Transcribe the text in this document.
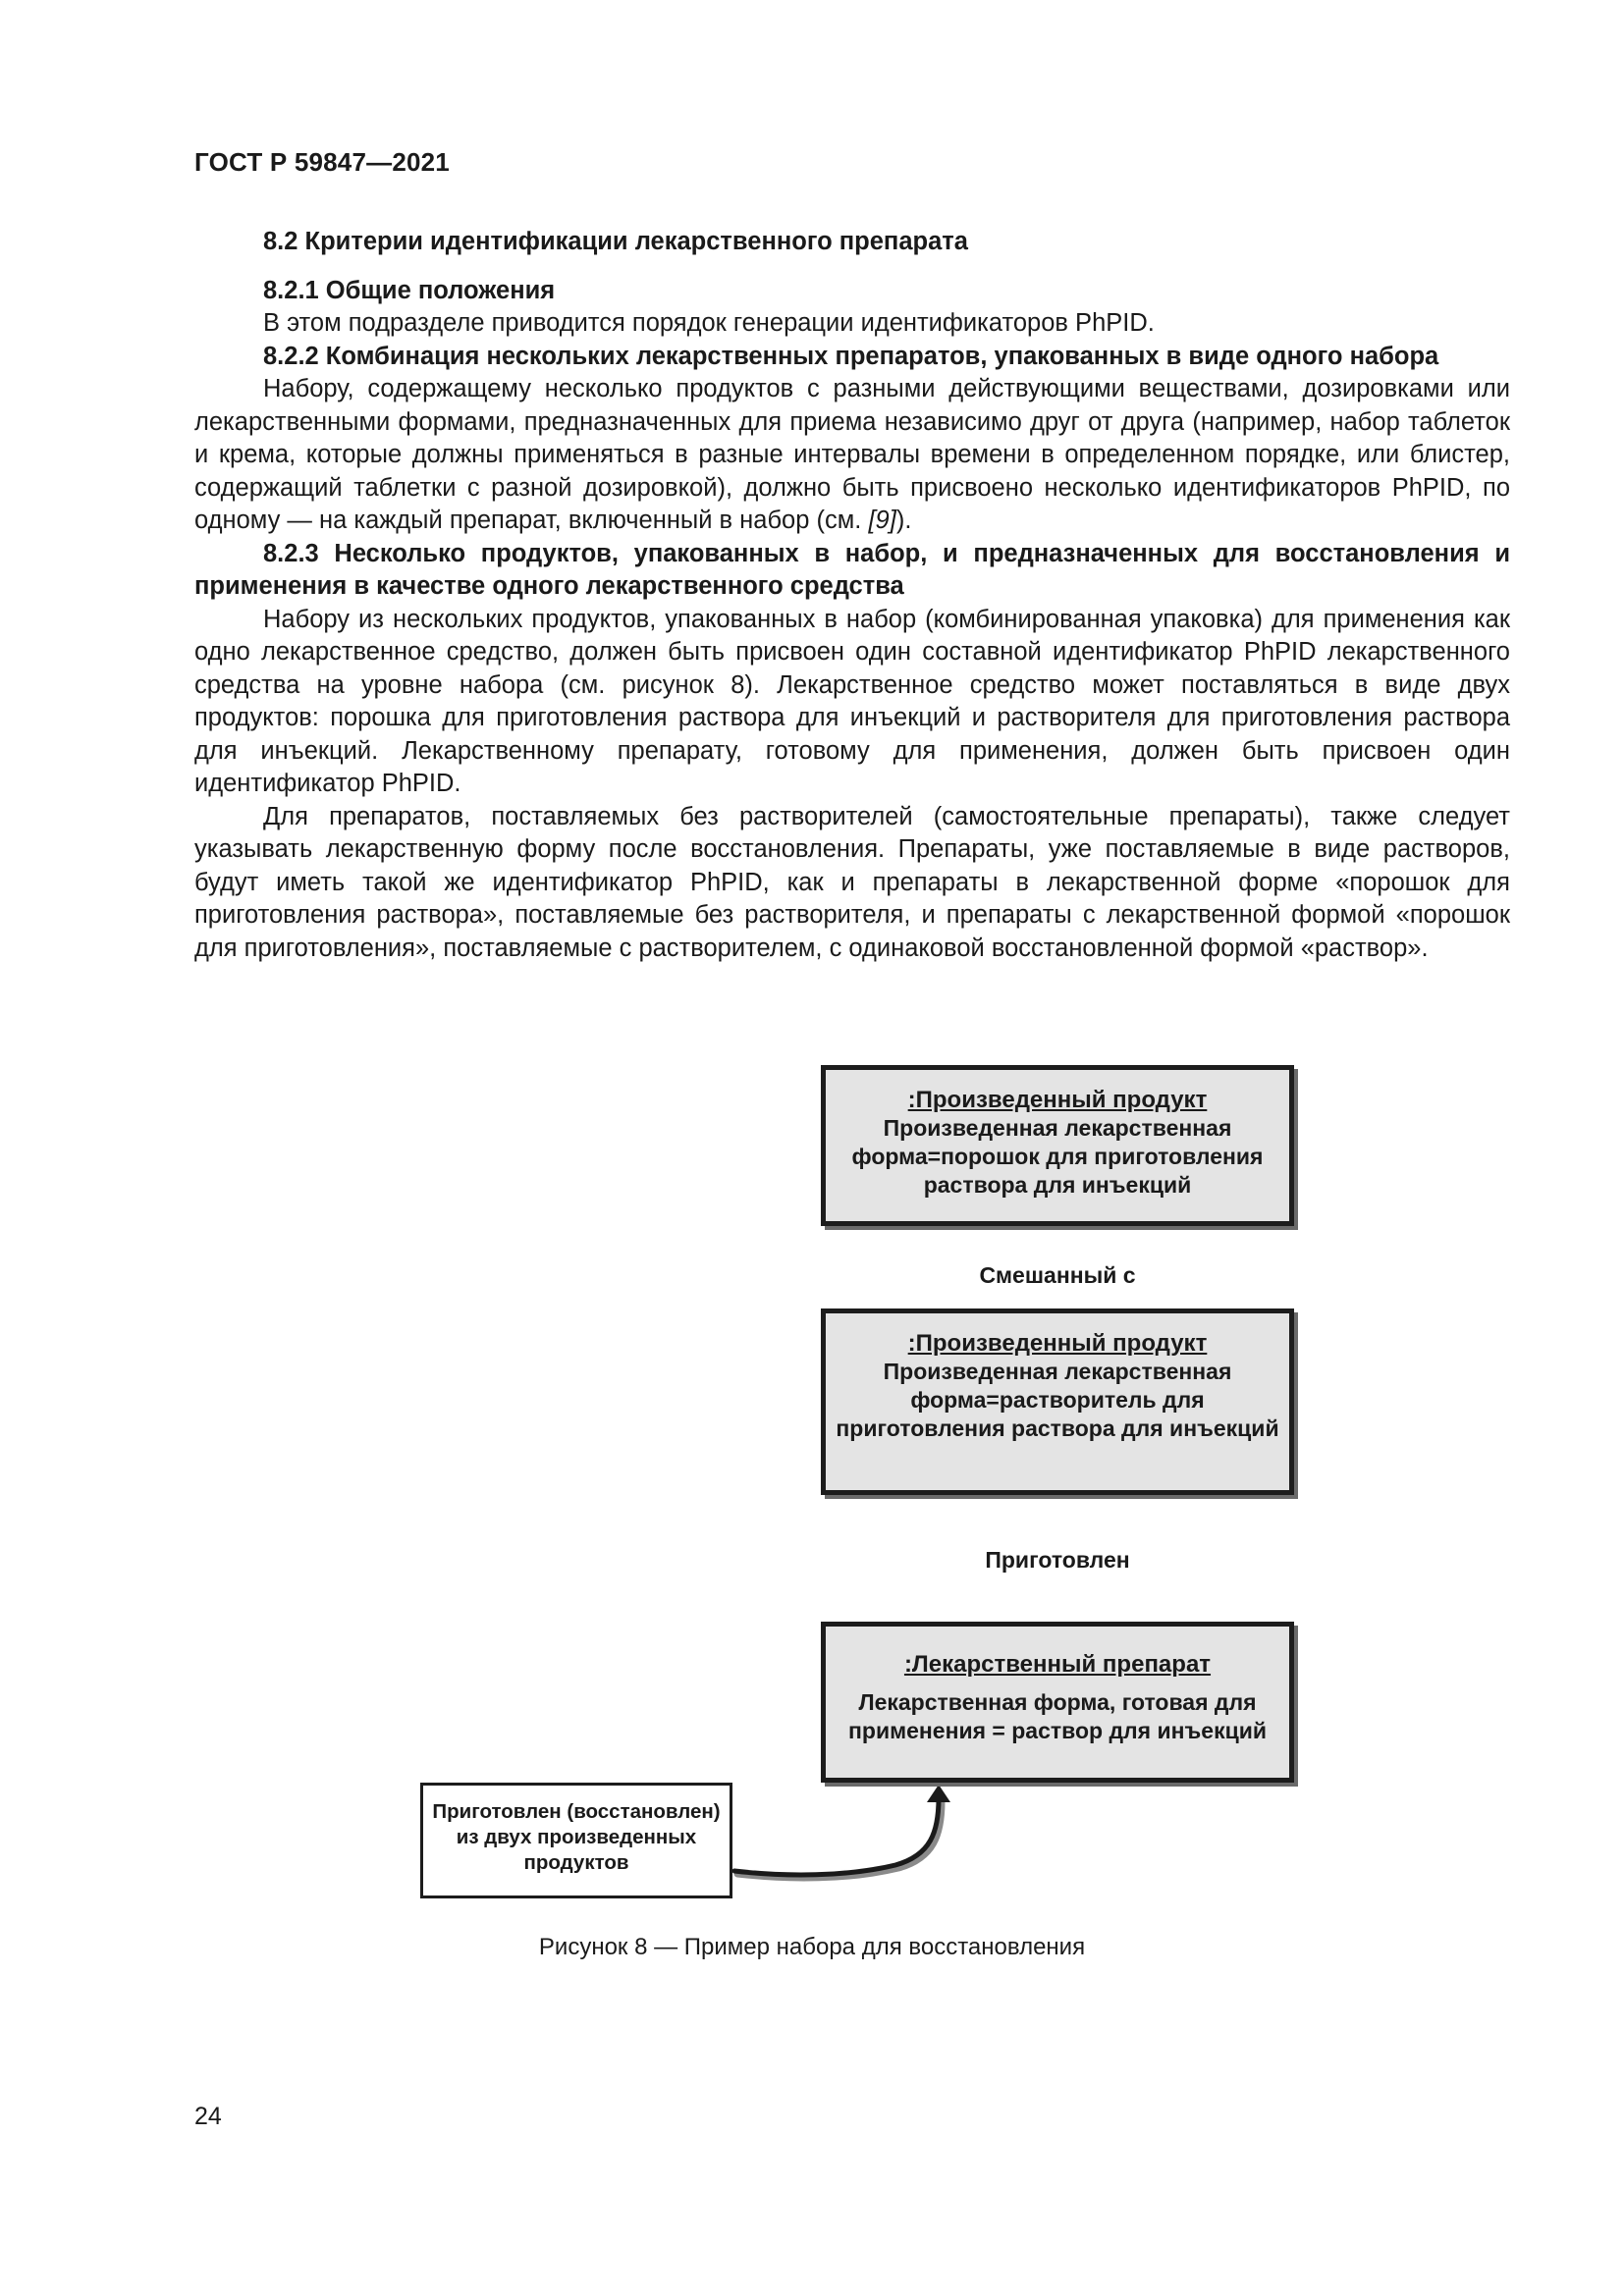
ГОСТ Р 59847—2021

8.2 Критерии идентификации лекарственного препарата

8.2.1 Общие положения

В этом подразделе приводится порядок генерации идентификаторов PhPID.

8.2.2 Комбинация нескольких лекарственных препаратов, упакованных в виде одного набора

Набору, содержащему несколько продуктов с разными действующими веществами, дозировками или лекарственными формами, предназначенных для приема независимо друг от друга (например, набор таблеток и крема, которые должны применяться в разные интервалы времени в определенном порядке, или блистер, содержащий таблетки с разной дозировкой), должно быть присвоено несколько идентификаторов PhPID, по одному — на каждый препарат, включенный в набор (см. [9]).

8.2.3 Несколько продуктов, упакованных в набор, и предназначенных для восстановления и применения в качестве одного лекарственного средства

Набору из нескольких продуктов, упакованных в набор (комбинированная упаковка) для применения как одно лекарственное средство, должен быть присвоен один составной идентификатор PhPID лекарственного средства на уровне набора (см. рисунок 8). Лекарственное средство может поставляться в виде двух продуктов: порошка для приготовления раствора для инъекций и растворителя для приготовления раствора для инъекций. Лекарственному препарату, готовому для применения, должен быть присвоен один идентификатор PhPID.

Для препаратов, поставляемых без растворителей (самостоятельные препараты), также следует указывать лекарственную форму после восстановления. Препараты, уже поставляемые в виде растворов, будут иметь такой же идентификатор PhPID, как и препараты в лекарственной форме «порошок для приготовления раствора», поставляемые без растворителя, и препараты с лекарственной формой «порошок для приготовления», поставляемые с растворителем, с одинаковой восстановленной формой «раствор».

:Произведенный продукт
Произведенная лекарственная форма=порошок для приготовления раствора для инъекций
Смешанный с
:Произведенный продукт
Произведенная лекарственная форма=растворитель для приготовления раствора для инъекций
Приготовлен
:Лекарственный препарат
Лекарственная форма, готовая для применения = раствор для инъекций
Приготовлен (восстановлен) из двух произведенных продуктов
Рисунок 8 — Пример набора для восстановления
24
